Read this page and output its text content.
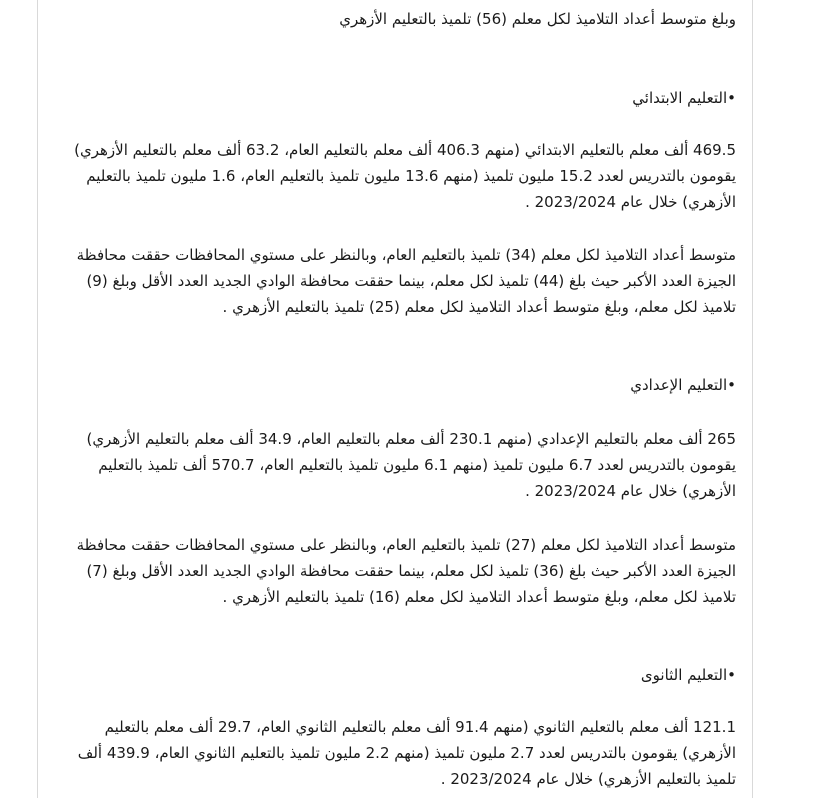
وبلغ متوسط أعداد التلاميذ لكل معلم (56) تلميذ بالتعليم الأزهري

•التعليم الابتدائي

469.5 ألف معلم بالتعليم الابتدائي (منهم 406.3 ألف معلم بالتعليم العام، 63.2 ألف معلم بالتعليم الأزهري) يقومون بالتدريس لعدد 15.2 مليون تلميذ (منهم 13.6 مليون تلميذ بالتعليم العام، 1.6 مليون تلميذ بالتعليم الأزهري) خلال عام 2023/2024 .

متوسط أعداد التلاميذ لكل معلم (34) تلميذ بالتعليم العام، وبالنظر على مستوي المحافظات حققت محافظة الجيزة العدد الأكبر حيث بلغ (44) تلميذ لكل معلم، بينما حققت محافظة الوادي الجديد العدد الأقل وبلغ (9) تلاميذ لكل معلم، وبلغ متوسط أعداد التلاميذ لكل معلم (25) تلميذ بالتعليم الأزهري .

•التعليم الإعدادي

265 ألف معلم بالتعليم الإعدادي (منهم 230.1 ألف معلم بالتعليم العام، 34.9 ألف معلم بالتعليم الأزهري) يقومون بالتدريس لعدد 6.7 مليون تلميذ (منهم 6.1 مليون تلميذ بالتعليم العام، 570.7 ألف تلميذ بالتعليم الأزهري) خلال عام 2023/2024 .

متوسط أعداد التلاميذ لكل معلم (27) تلميذ بالتعليم العام، وبالنظر على مستوي المحافظات حققت محافظة الجيزة العدد الأكبر حيث بلغ (36) تلميذ لكل معلم، بينما حققت محافظة الوادي الجديد العدد الأقل وبلغ (7) تلاميذ لكل معلم، وبلغ متوسط أعداد التلاميذ لكل معلم (16) تلميذ بالتعليم الأزهري .

•التعليم الثانوى

121.1 ألف معلم بالتعليم الثانوي (منهم 91.4 ألف معلم بالتعليم الثانوي العام، 29.7 ألف معلم بالتعليم الأزهري) يقومون بالتدريس لعدد 2.7 مليون تلميذ (منهم 2.2 مليون تلميذ بالتعليم الثانوي العام، 439.9 ألف تلميذ بالتعليم الأزهري) خلال عام 2023/2024 .
